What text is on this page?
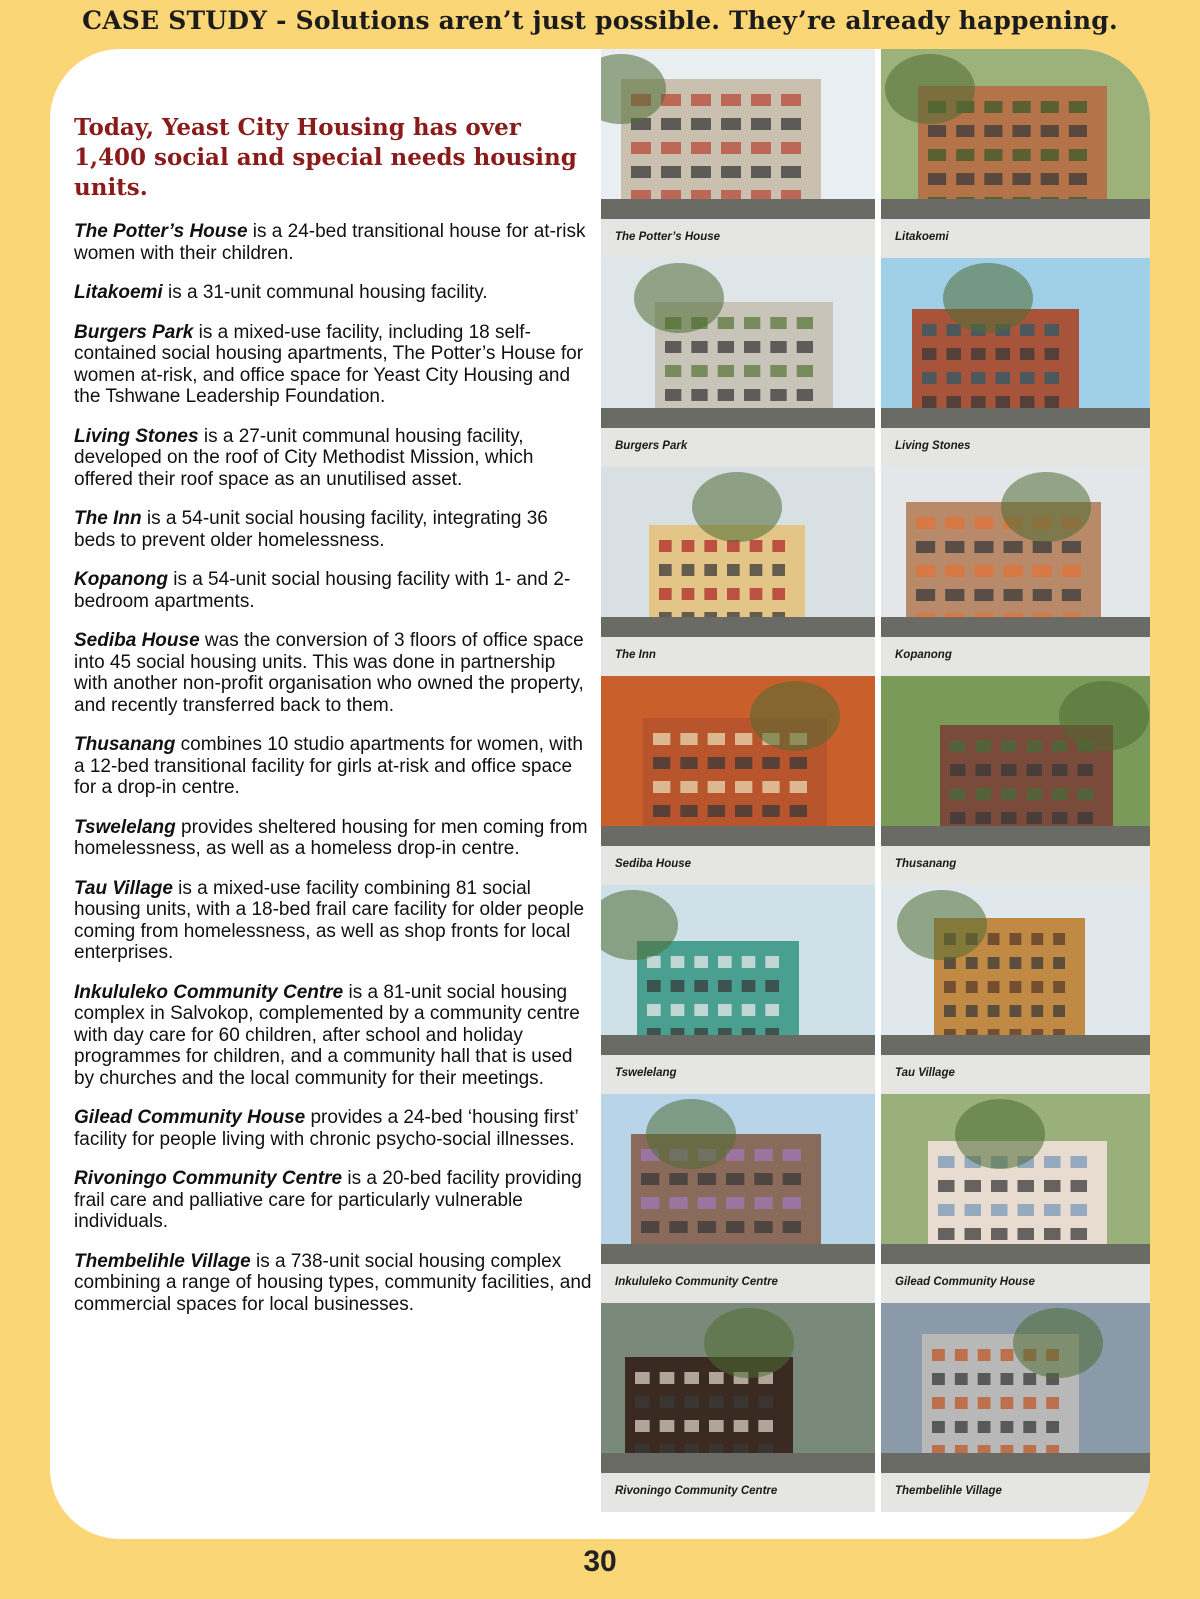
CASE STUDY - Solutions aren’t just possible. They’re already happening.
Today, Yeast City Housing has over 1,400 social and special needs housing units.

The Potter’s House is a 24-bed transitional house for at-risk women with their children.

Litakoemi is a 31-unit communal housing facility.

Burgers Park is a mixed-use facility, including 18 self-contained social housing apartments, The Potter’s House for women at-risk, and office space for Yeast City Housing and the Tshwane Leadership Foundation.

Living Stones is a 27-unit communal housing facility, developed on the roof of City Methodist Mission, which offered their roof space as an unutilised asset.

The Inn is a 54-unit social housing facility, integrating 36 beds to prevent older homelessness.

Kopanong is a 54-unit social housing facility with 1- and 2-bedroom apartments.

Sediba House was the conversion of 3 floors of office space into 45 social housing units. This was done in partnership with another non-profit organisation who owned the property, and recently transferred back to them.

Thusanang combines 10 studio apartments for women, with a 12-bed transitional facility for girls at-risk and office space for a drop-in centre.

Tswelelang provides sheltered housing for men coming from homelessness, as well as a homeless drop-in centre.

Tau Village is a mixed-use facility combining 81 social housing units, with a 18-bed frail care facility for older people coming from homelessness, as well as shop fronts for local enterprises.

Inkululeko Community Centre is a 81-unit social housing complex in Salvokop, complemented by a community centre with day care for 60 children, after school and holiday programmes for children, and a community hall that is used by churches and the local community for their meetings.

Gilead Community House provides a 24-bed ‘housing first’ facility for people living with chronic psycho-social illnesses.

Rivoningo Community Centre is a 20-bed facility providing frail care and palliative care for particularly vulnerable individuals.

Thembelihle Village is a 738-unit social housing complex combining a range of housing types, community facilities, and commercial spaces for local businesses.

The Potter’s House	Litakoemi
Burgers Park	Living Stones
The Inn	Kopanong
Sediba House	Thusanang
Tswelelang	Tau Village
Inkululeko Community Centre	Gilead Community House
Rivoningo Community Centre	Thembelihle Village
30
